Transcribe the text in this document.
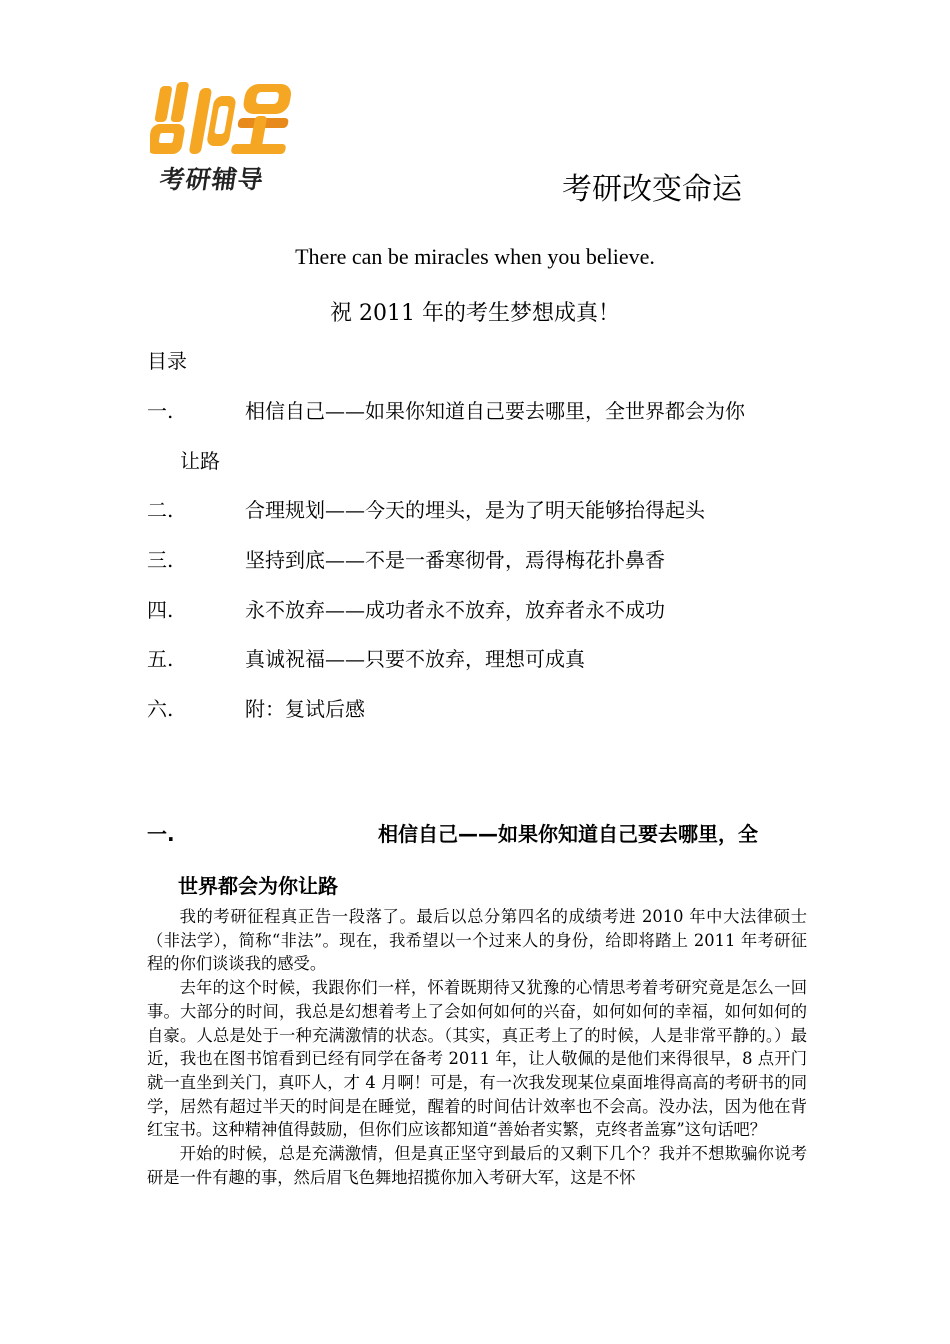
考研辅导	考研改变命运
There can be miracles when you believe.
祝 2011 年的考生梦想成真！
目录
一.	相信自己——如果你知道自己要去哪里，全世界都会为你
让路
二.	合理规划——今天的埋头，是为了明天能够抬得起头
三.	坚持到底——不是一番寒彻骨，焉得梅花扑鼻香
四.	永不放弃——成功者永不放弃，放弃者永不成功
五.	真诚祝福——只要不放弃，理想可成真
六.	附：复试后感
一.	相信自己——如果你知道自己要去哪里，全
世界都会为你让路

我的考研征程真正告一段落了。最后以总分第四名的成绩考进 2010 年中大法律硕士（非法学），简称“非法”。现在，我希望以一个过来人的身份，给即将踏上 2011 年考研征程的你们谈谈我的感受。

去年的这个时候，我跟你们一样，怀着既期待又犹豫的心情思考着考研究竟是怎么一回事。大部分的时间，我总是幻想着考上了会如何如何的兴奋，如何如何的幸福，如何如何的自豪。人总是处于一种充满激情的状态。（其实，真正考上了的时候，人是非常平静的。）最近，我也在图书馆看到已经有同学在备考 2011 年，让人敬佩的是他们来得很早，8 点开门就一直坐到关门，真吓人，才 4 月啊！可是，有一次我发现某位桌面堆得高高的考研书的同学，居然有超过半天的时间是在睡觉，醒着的时间估计效率也不会高。没办法，因为他在背红宝书。这种精神值得鼓励，但你们应该都知道“善始者实繁，克终者盖寡”这句话吧？

开始的时候，总是充满激情，但是真正坚守到最后的又剩下几个？我并不想欺骗你说考研是一件有趣的事，然后眉飞色舞地招揽你加入考研大军，这是不怀
